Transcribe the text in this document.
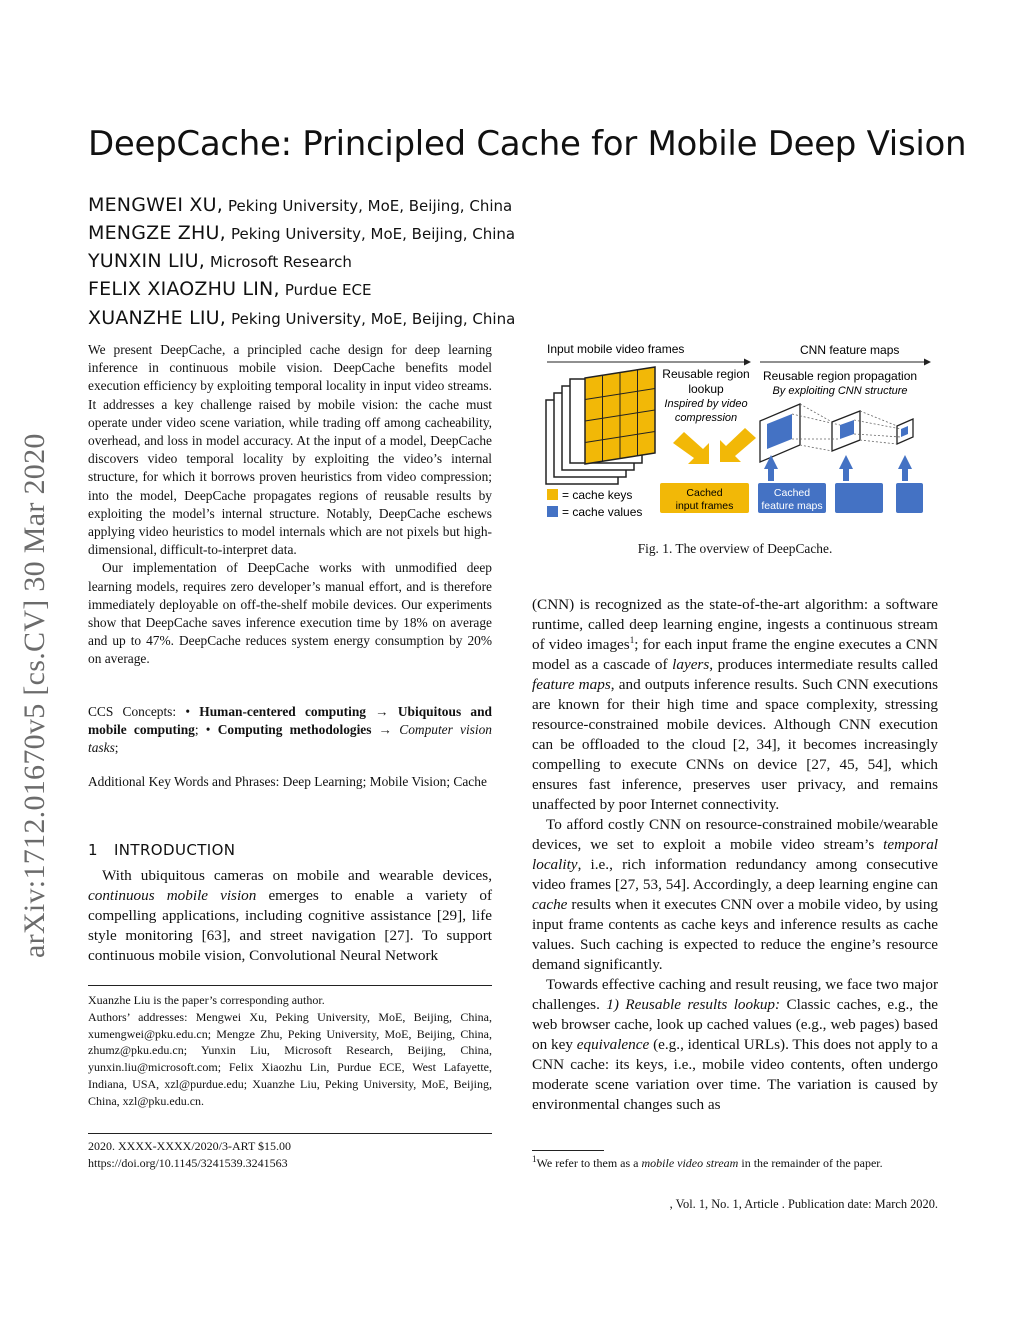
arXiv:1712.01670v5 [cs.CV] 30 Mar 2020
DeepCache: Principled Cache for Mobile Deep Vision
MENGWEI XU, Peking University, MoE, Beijing, China
MENGZE ZHU, Peking University, MoE, Beijing, China
YUNXIN LIU, Microsoft Research
FELIX XIAOZHU LIN, Purdue ECE
XUANZHE LIU, Peking University, MoE, Beijing, China

We present DeepCache, a principled cache design for deep learning inference in continuous mobile vision. DeepCache benefits model execution efficiency by exploiting temporal locality in input video streams. It addresses a key challenge raised by mobile vision: the cache must operate under video scene variation, while trading off among cacheability, overhead, and loss in model accuracy. At the input of a model, DeepCache discovers video temporal locality by exploiting the video’s internal structure, for which it borrows proven heuristics from video compression; into the model, DeepCache propagates regions of reusable results by exploiting the model’s internal structure. Notably, DeepCache eschews applying video heuristics to model internals which are not pixels but high-dimensional, difficult-to-interpret data.

Our implementation of DeepCache works with unmodified deep learning models, requires zero developer’s manual effort, and is therefore immediately deployable on off-the-shelf mobile devices. Our experiments show that DeepCache saves inference execution time by 18% on average and up to 47%. DeepCache reduces system energy consumption by 20% on average.

CCS Concepts: • Human-centered computing → Ubiquitous and mobile computing; • Computing methodologies → Computer vision tasks;
Additional Key Words and Phrases: Deep Learning; Mobile Vision; Cache
1 INTRODUCTION

With ubiquitous cameras on mobile and wearable devices, continuous mobile vision emerges to enable a variety of compelling applications, including cognitive assistance [29], life style monitoring [63], and street navigation [27]. To support continuous mobile vision, Convolutional Neural Network

Xuanzhe Liu is the paper’s corresponding author.

Authors’ addresses: Mengwei Xu, Peking University, MoE, Beijing, China, xumengwei@pku.edu.cn; Mengze Zhu, Peking University, MoE, Beijing, China, zhumz@pku.edu.cn; Yunxin Liu, Microsoft Research, Beijing, China, yunxin.liu@microsoft.com; Felix Xiaozhu Lin, Purdue ECE, West Lafayette, Indiana, USA, xzl@purdue.edu; Xuanzhe Liu, Peking University, MoE, Beijing, China, xzl@pku.edu.cn.

2020. XXXX-XXXX/2020/3-ART $15.00

https://doi.org/10.1145/3241539.3241563

Input mobile video frames	CNN feature maps
Reusable region
lookup
Inspired by video
compression
Reusable region propagation
By exploiting CNN structure
Cached
input frames
Cached
feature maps
= cache keys
= cache values
Fig. 1. The overview of DeepCache.

(CNN) is recognized as the state-of-the-art algorithm: a software runtime, called deep learning engine, ingests a continuous stream of video images$^1$; for each input frame the engine executes a CNN model as a cascade of layers, produces intermediate results called feature maps, and outputs inference results. Such CNN executions are known for their high time and space complexity, stressing resource-constrained mobile devices. Although CNN execution can be offloaded to the cloud [2, 34], it becomes increasingly compelling to execute CNNs on device [27, 45, 54], which ensures fast inference, preserves user privacy, and remains unaffected by poor Internet connectivity.

To afford costly CNN on resource-constrained mobile/wearable devices, we set to exploit a mobile video stream’s temporal locality, i.e., rich information redundancy among consecutive video frames [27, 53, 54]. Accordingly, a deep learning engine can cache results when it executes CNN over a mobile video, by using input frame contents as cache keys and inference results as cache values. Such caching is expected to reduce the engine’s resource demand significantly.

Towards effective caching and result reusing, we face two major challenges. 1) Reusable results lookup: Classic caches, e.g., the web browser cache, look up cached values (e.g., web pages) based on key equivalence (e.g., identical URLs). This does not apply to a CNN cache: its keys, i.e., mobile video contents, often undergo moderate scene variation over time. The variation is caused by environmental changes such as

$^1$We refer to them as a mobile video stream in the remainder of the paper.
, Vol. 1, No. 1, Article . Publication date: March 2020.
